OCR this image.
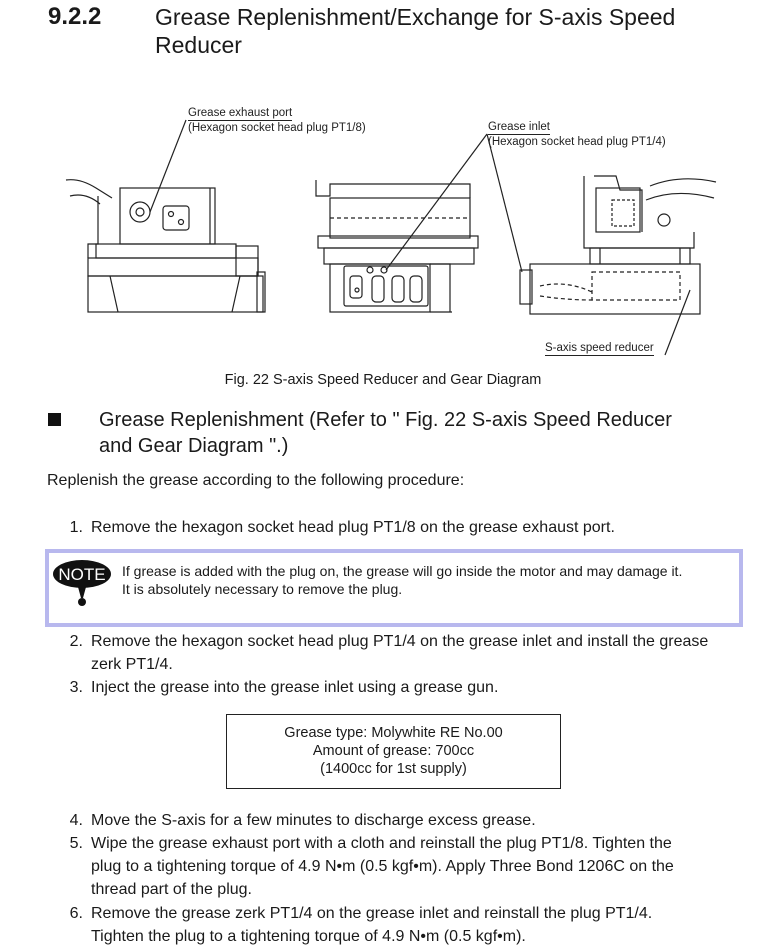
9.2.2 Grease Replenishment/Exchange for S-axis Speed
Reducer
Grease exhaust port
(Hexagon socket head plug PT1/8)	Grease inlet
(Hexagon socket head plug PT1/4)
S-axis speed reducer
Fig. 22 S-axis Speed Reducer and Gear Diagram
Grease Replenishment (Refer to " Fig. 22 S-axis Speed Reducer
and Gear Diagram ".)
Replenish the grease according to the following procedure:
1. Remove the hexagon socket head plug PT1/8 on the grease exhaust port.
NOTE If grease is added with the plug on, the grease will go inside the motor and may damage it.
It is absolutely necessary to remove the plug.
2. Remove the hexagon socket head plug PT1/4 on the grease inlet and install the grease
zerk PT1/4.
3. Inject the grease into the grease inlet using a grease gun.
Grease type: Molywhite RE No.00
Amount of grease: 700cc
(1400cc for 1st supply)
4. Move the S-axis for a few minutes to discharge excess grease.
5. Wipe the grease exhaust port with a cloth and reinstall the plug PT1/8. Tighten the
plug to a tightening torque of 4.9 N•m (0.5 kgf•m). Apply Three Bond 1206C on the
thread part of the plug.
6. Remove the grease zerk PT1/4 on the grease inlet and reinstall the plug PT1/4.
Tighten the plug to a tightening torque of 4.9 N•m (0.5 kgf•m).
